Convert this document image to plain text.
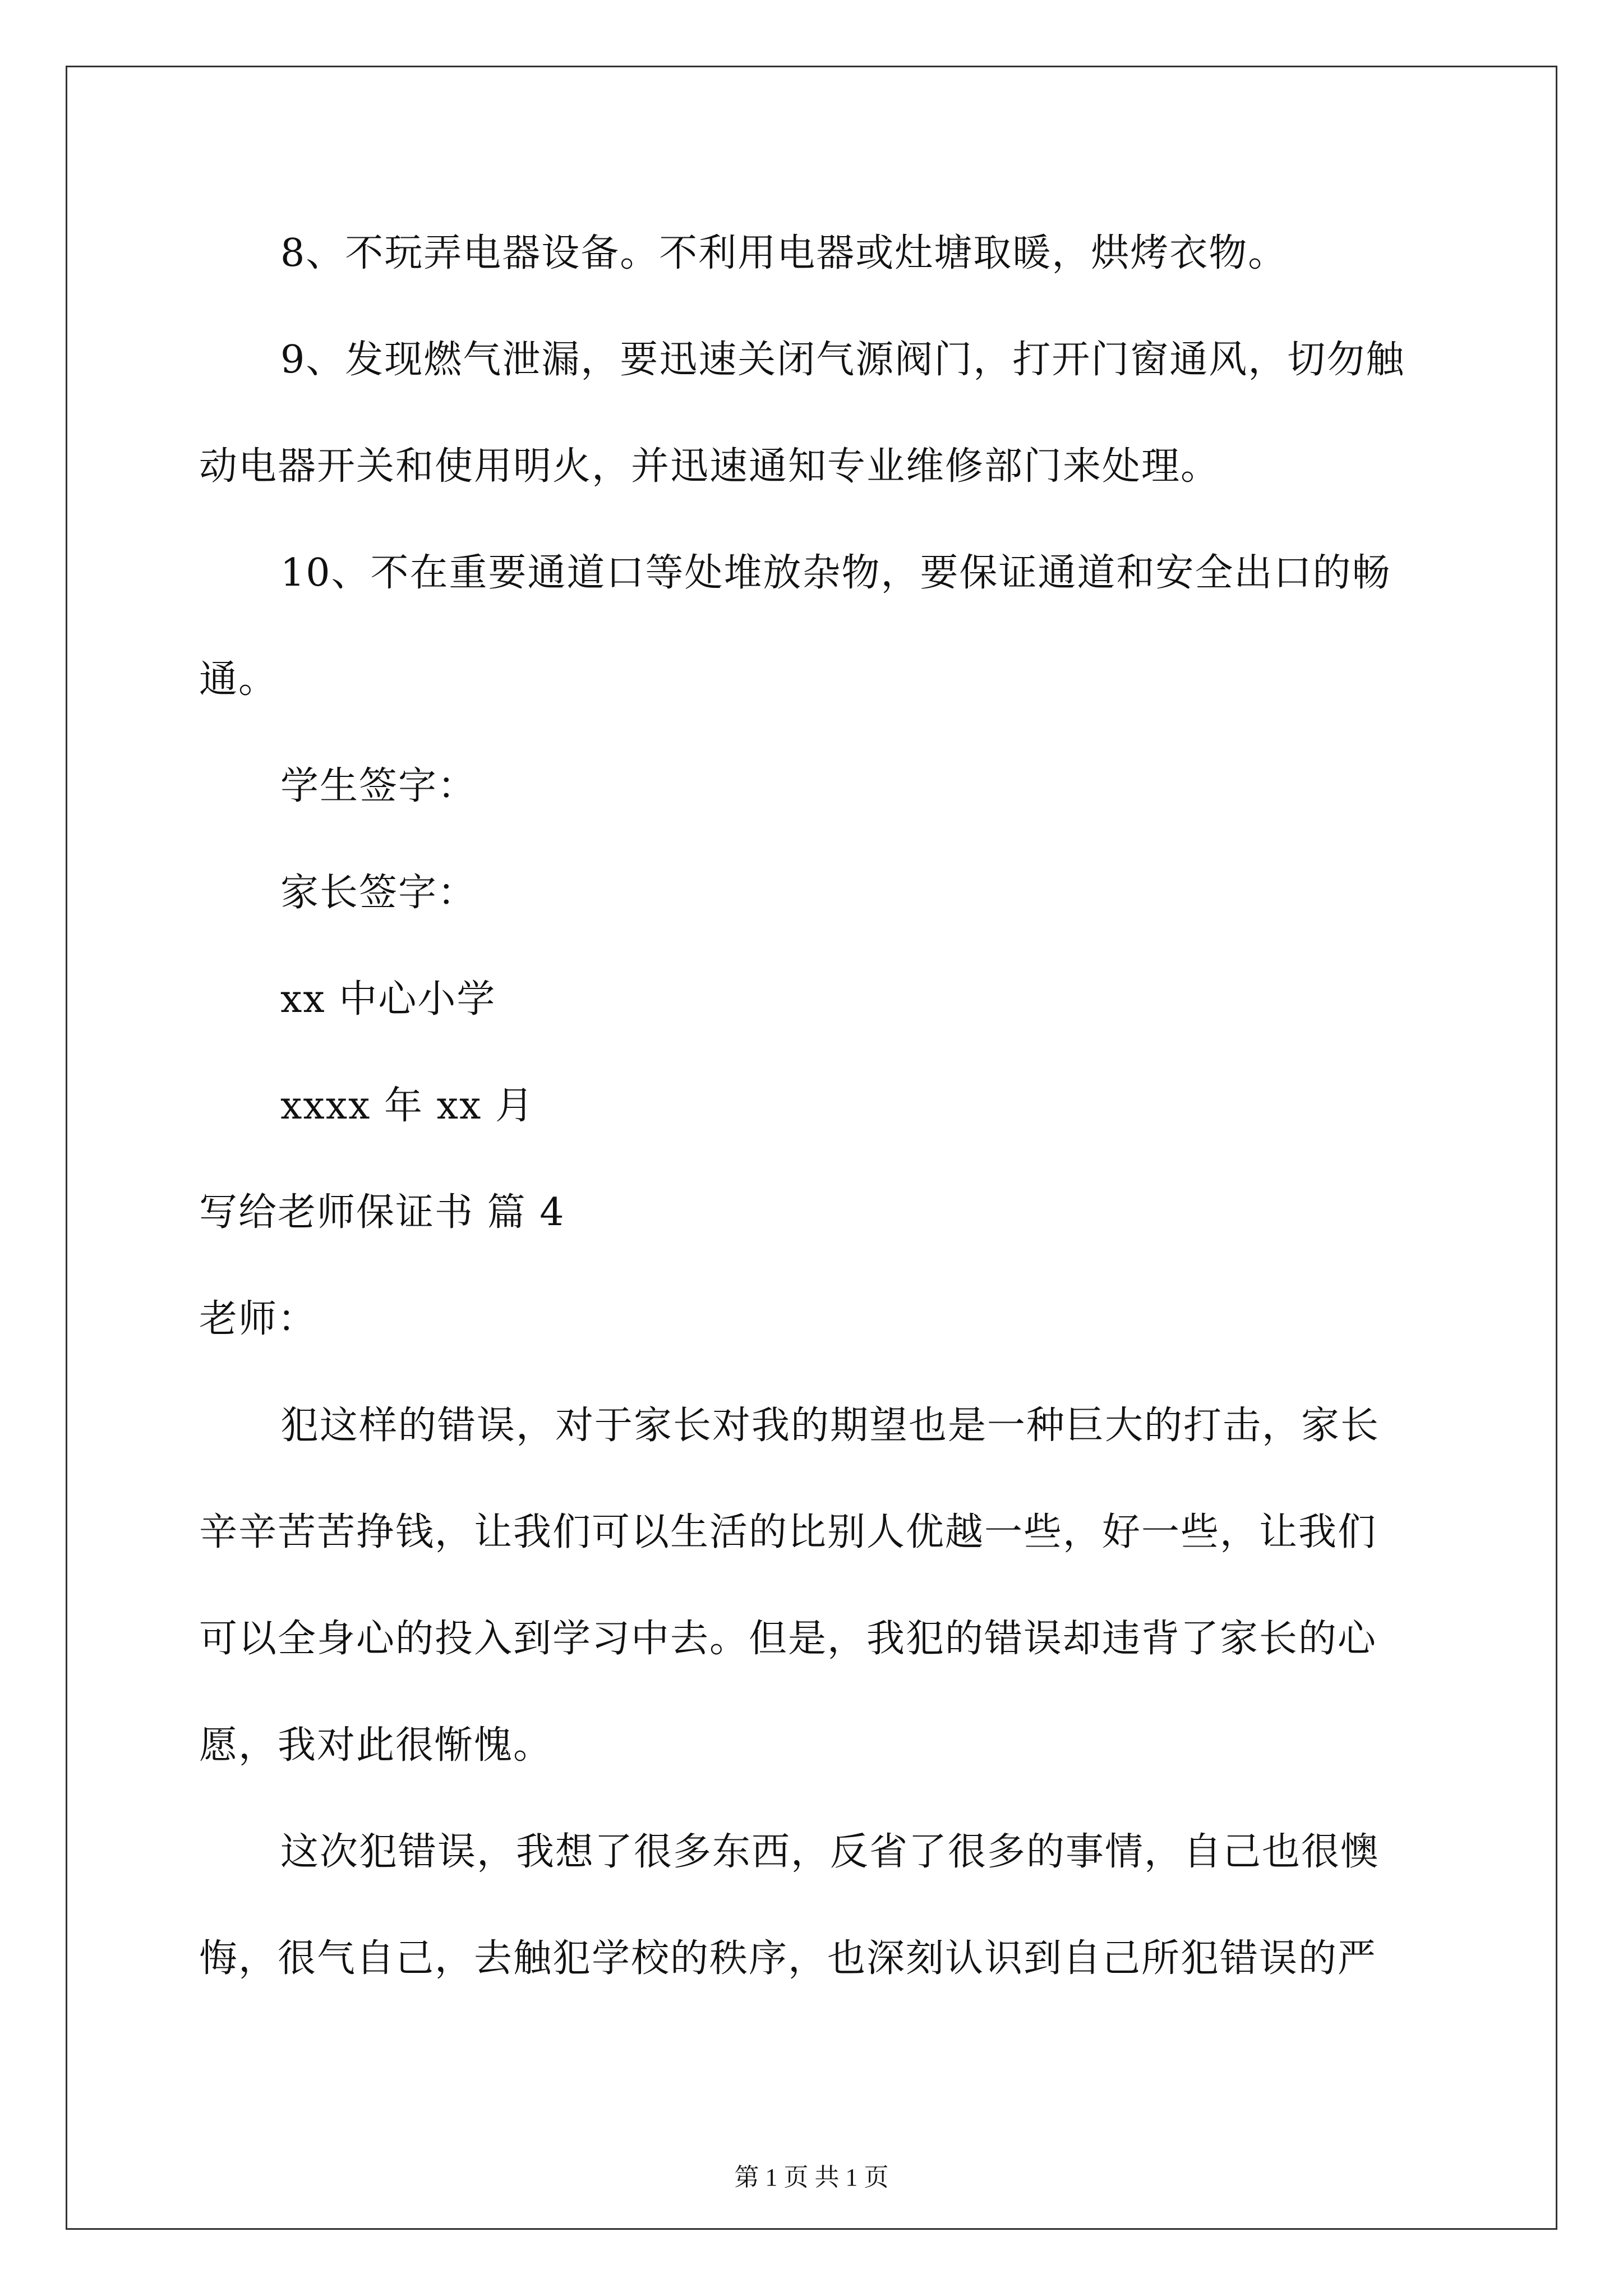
8、不玩弄电器设备。不利用电器或灶塘取暖，烘烤衣物。
9、发现燃气泄漏，要迅速关闭气源阀门，打开门窗通风，切勿触
动电器开关和使用明火，并迅速通知专业维修部门来处理。
10、不在重要通道口等处堆放杂物，要保证通道和安全出口的畅
通。
学生签字：
家长签字：
xx 中心小学
xxxx 年 xx 月
写给老师保证书 篇 4
老师：
犯这样的错误，对于家长对我的期望也是一种巨大的打击，家长
辛辛苦苦挣钱，让我们可以生活的比别人优越一些，好一些，让我们
可以全身心的投入到学习中去。但是，我犯的错误却违背了家长的心
愿，我对此很惭愧。
这次犯错误，我想了很多东西，反省了很多的事情，自己也很懊
悔，很气自己，去触犯学校的秩序，也深刻认识到自己所犯错误的严
第 1 页 共 1 页
